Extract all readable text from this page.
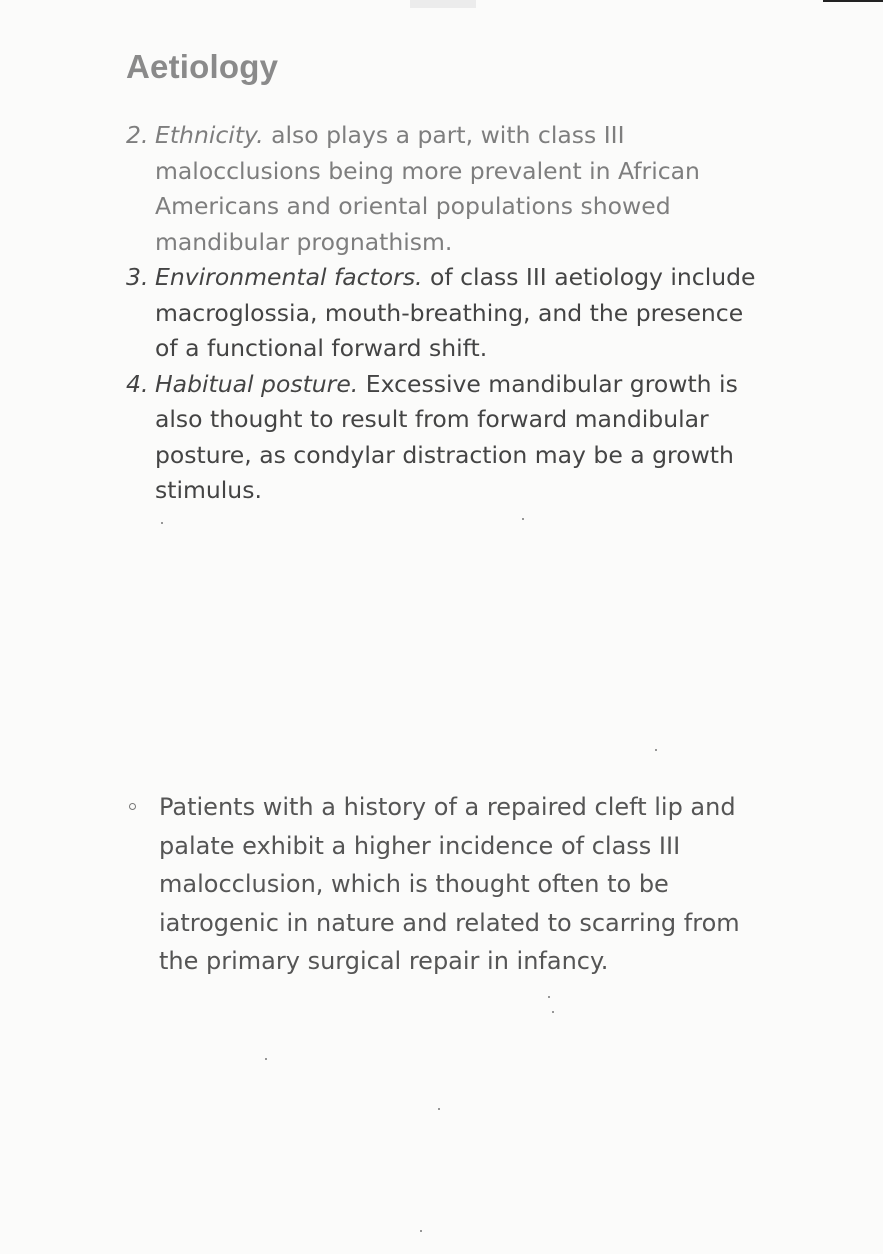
Aetiology
2. Ethnicity. also plays a part, with class III malocclusions being more prevalent in African Americans and oriental populations showed mandibular prognathism.
3. Environmental factors. of class III aetiology include macroglossia, mouth-breathing, and the presence of a functional forward shift.
4. Habitual posture. Excessive mandibular growth is also thought to result from forward mandibular posture, as condylar distraction may be a growth stimulus.
Patients with a history of a repaired cleft lip and palate exhibit a higher incidence of class III malocclusion, which is thought often to be iatrogenic in nature and related to scarring from the primary surgical repair in infancy.
